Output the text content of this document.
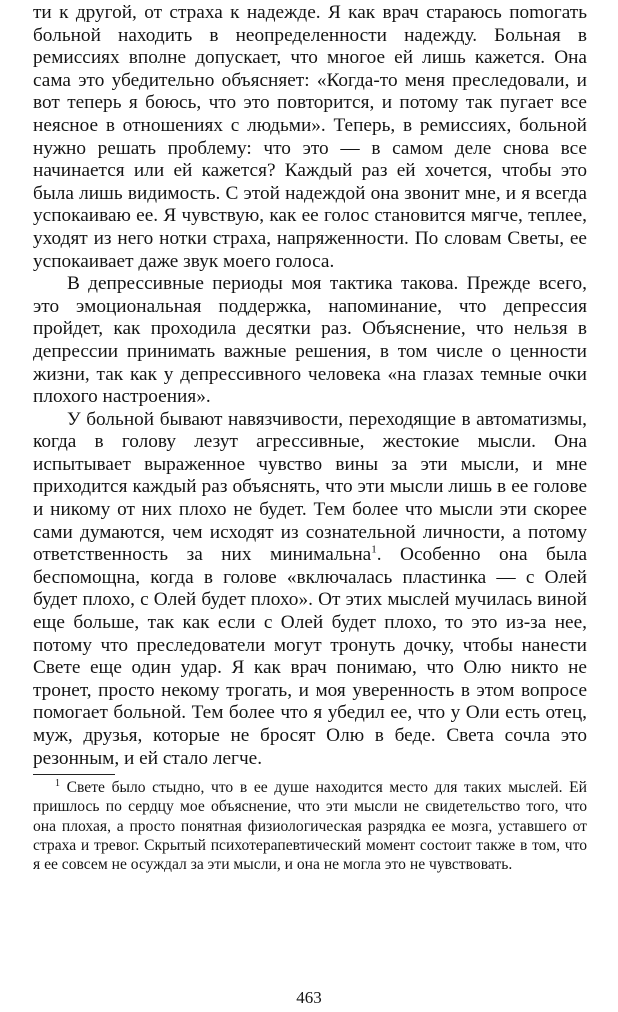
ти к другой, от страха к надежде. Я как врач стараюсь поmогать больной находить в неопределенности надежду. Больная в ремиссиях вполне допускает, что многое ей лишь кажется. Она сама это убедительно объясняет: «Когда-то меня преследовали, и вот теперь я боюсь, что это повторится, и потому так пугает все неясное в отношениях с людьми». Теперь, в ремиссиях, больной нужно решать проблему: что это — в самом деле снова все начинается или ей кажется? Каждый раз ей хочется, чтобы это была лишь видимость. С этой надеждой она звонит мне, и я всегда успокаиваю ее. Я чувствую, как ее голос становится мягче, теплее, уходят из него нотки страха, напряженности. По словам Светы, ее успокаивает даже звук моего голоса.

В депрессивные периоды моя тактика такова. Прежде всего, это эмоциональная поддержка, напоминание, что депрессия пройдет, как проходила десятки раз. Объяснение, что нельзя в депрессии принимать важные решения, в том числе о ценности жизни, так как у депрессивного человека «на глазах темные очки плохого настроения».

У больной бывают навязчивости, переходящие в автоматизмы, когда в голову лезут агрессивные, жестокие мысли. Она испытывает выраженное чувство вины за эти мысли, и мне приходится каждый раз объяснять, что эти мысли лишь в ее голове и никому от них плохо не будет. Тем более что мысли эти скорее сами думаются, чем исходят из сознательной личности, а потому ответственность за них минимальна$^1$. Особенно она была беспомощна, когда в голове «включалась пластинка — с Олей будет плохо, с Олей будет плохо». От этих мыслей мучилась виной еще больше, так как если с Олей будет плохо, то это из-за нее, потому что преследователи могут тронуть дочку, чтобы нанести Свете еще один удар. Я как врач понимаю, что Олю никто не тронет, просто некому трогать, и моя уверенность в этом вопросе помогает больной. Тем более что я убедил ее, что у Оли есть отец, муж, друзья, которые не бросят Олю в беде. Света сочла это резонным, и ей стало легче.

$^1$ Свете было стыдно, что в ее душе находится место для таких мыслей. Ей пришлось по сердцу мое объяснение, что эти мысли не свидетельство того, что она плохая, а просто понятная физиологическая разрядка ее мозга, уставшего от страха и тревог. Скрытый психотерапевтический момент состоит также в том, что я ее совсем не осуждал за эти мысли, и она не могла это не чувствовать.

463
